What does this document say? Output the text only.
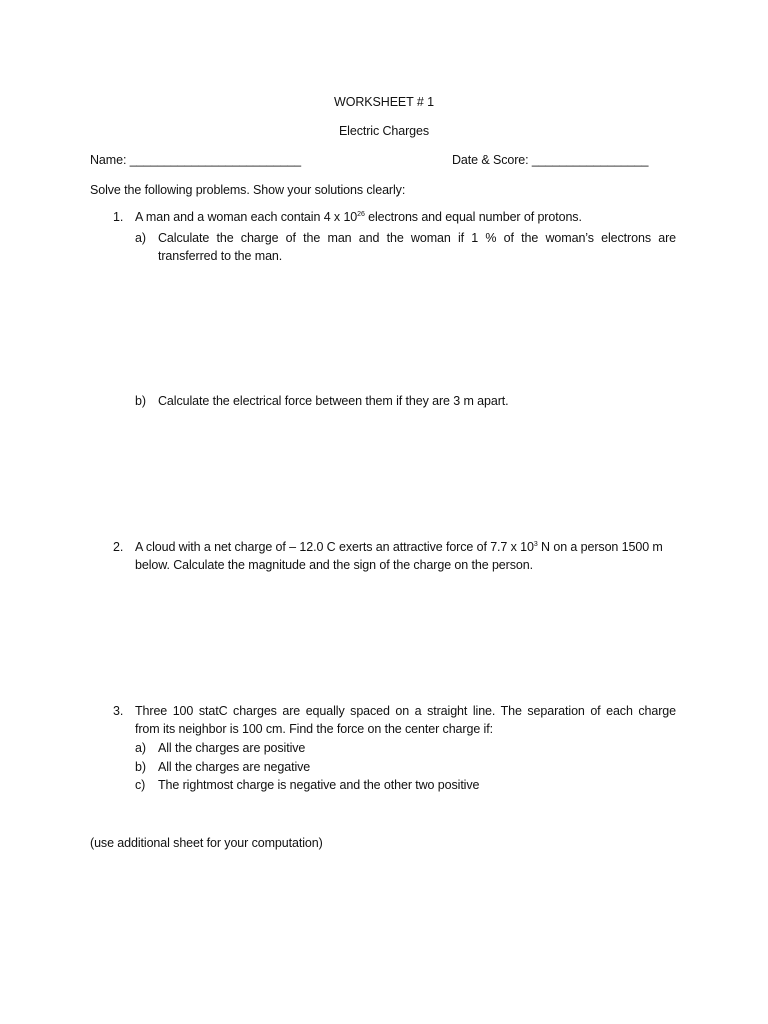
WORKSHEET # 1
Electric Charges
Name: _________________________	Date & Score: _________________
Solve the following problems. Show your solutions clearly:
1. A man and a woman each contain 4 x $10^{26}$ electrons and equal number of protons.
a) Calculate the charge of the man and the woman if 1 % of the woman’s electrons are
transferred to the man.
b) Calculate the electrical force between them if they are 3 m apart.
2. A cloud with a net charge of – 12.0 C exerts an attractive force of 7.7 x $10^3$ N on a person 1500 m
below. Calculate the magnitude and the sign of the charge on the person.
3. Three 100 statC charges are equally spaced on a straight line. The separation of each charge
from its neighbor is 100 cm. Find the force on the center charge if:
a) All the charges are positive
b) All the charges are negative
c) The rightmost charge is negative and the other two positive
(use additional sheet for your computation)
